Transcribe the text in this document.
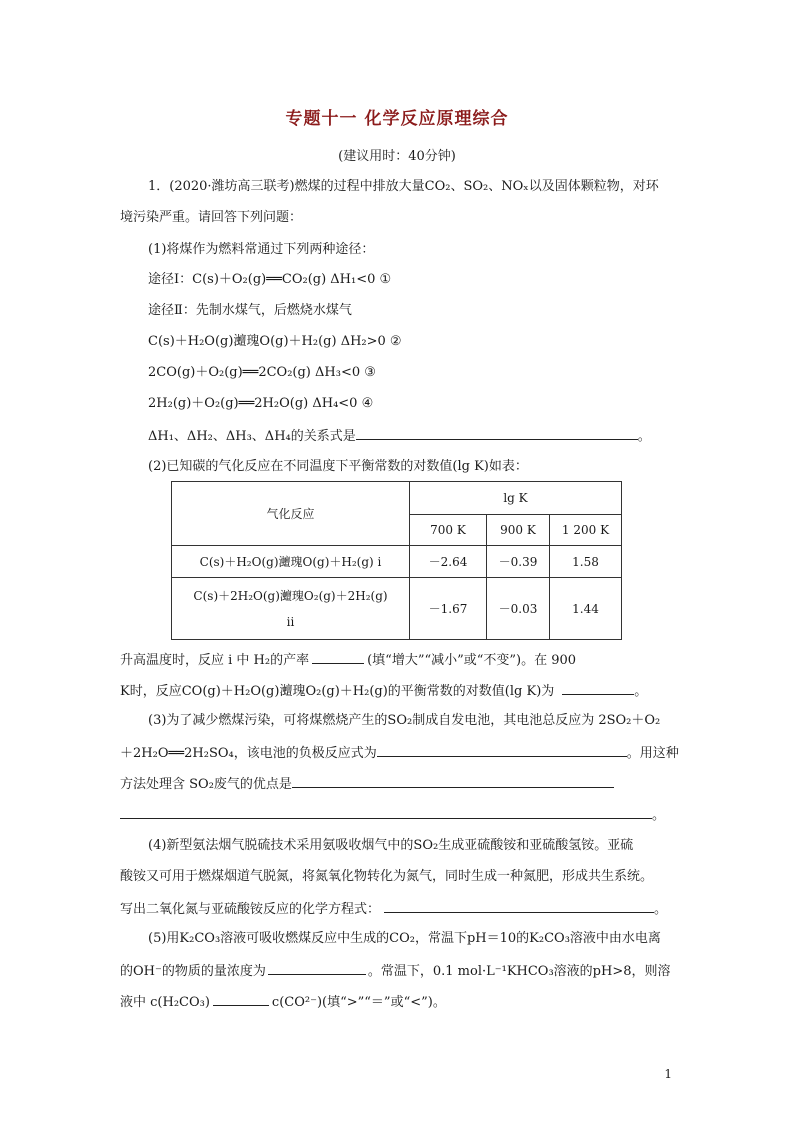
专题十一 化学反应原理综合
(建议用时：40分钟)
1．(2020·潍坊高三联考)燃煤的过程中排放大量CO₂、SO₂、NOₓ以及固体颗粒物，对环
境污染严重。请回答下列问题：
(1)将煤作为燃料常通过下列两种途径：
途径Ⅰ：C(s)＋O₂(g)══CO₂(g) ΔH₁<0 ①
途径Ⅱ：先制水煤气，后燃烧水煤气
C(s)＋H₂O(g)灗瑰O(g)＋H₂(g) ΔH₂>0 ②
2CO(g)＋O₂(g)══2CO₂(g) ΔH₃<0 ③
2H₂(g)＋O₂(g)══2H₂O(g) ΔH₄<0 ④
ΔH₁、ΔH₂、ΔH₃、ΔH₄的关系式是	。
(2)已知碳的气化反应在不同温度下平衡常数的对数值(lg K)如表：
气化反应	lg K		
	700 K	900 K	1 200 K
C(s)＋H₂O(g)灗瑰O(g)＋H₂(g) i	－2.64	－0.39	1.58

C(s)＋2H₂O(g)灗瑰O₂(g)＋2H₂(g)
ii	－1.67	－0.03	1.44
升高温度时，反应 i 中 H₂的产率	(填“增大”“减小”或“不变”)。在 900
K时，反应CO(g)＋H₂O(g)灗瑰O₂(g)＋H₂(g)的平衡常数的对数值(lg K)为	。
(3)为了减少燃煤污染，可将煤燃烧产生的SO₂制成自发电池，其电池总反应为 2SO₂＋O₂
＋2H₂O══2H₂SO₄，该电池的负极反应式为	。用这种
方法处理含 SO₂废气的优点是
。
(4)新型氨法烟气脱硫技术采用氨吸收烟气中的SO₂生成亚硫酸铵和亚硫酸氢铵。亚硫
酸铵又可用于燃煤烟道气脱氮，将氮氧化物转化为氮气，同时生成一种氮肥，形成共生系统。
写出二氧化氮与亚硫酸铵反应的化学方程式：	。
(5)用K₂CO₃溶液可吸收燃煤反应中生成的CO₂，常温下pH＝10的K₂CO₃溶液中由水电离
的OH⁻的物质的量浓度为	。常温下，0.1 mol·L⁻¹KHCO₃溶液的pH>8，则溶
液中 c(H₂CO₃)	c(CO²⁻)(填“>”“＝”或“<”)。
1
